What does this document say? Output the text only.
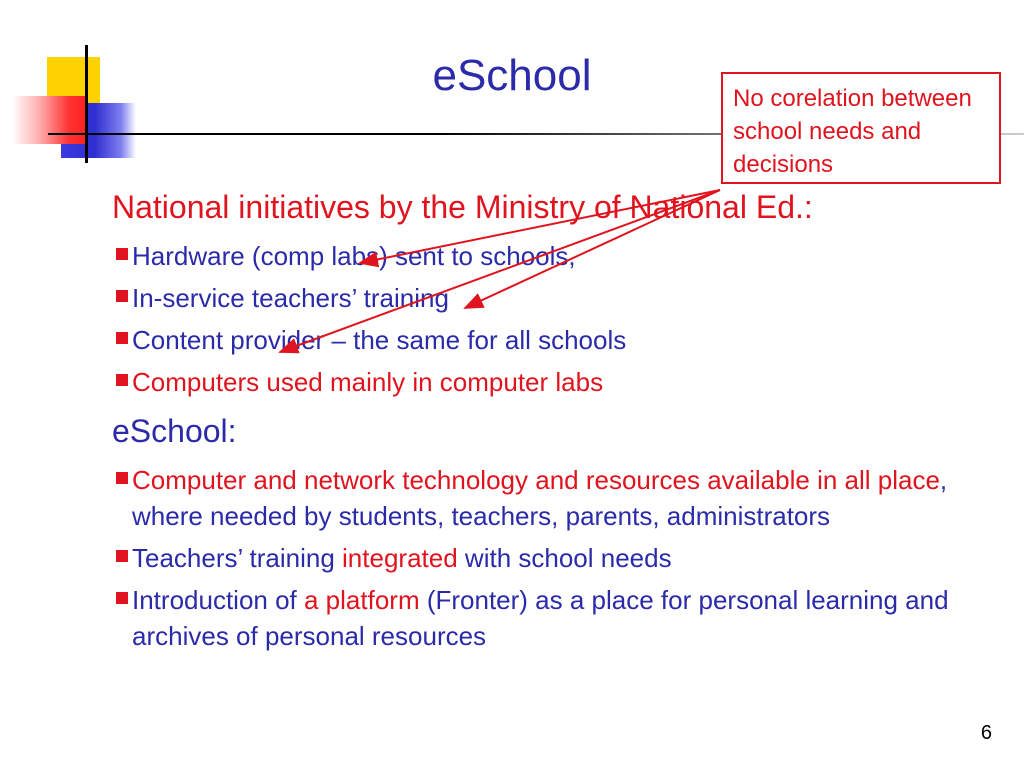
EI	eSchool	No corelation between school needs and decisions

National initiatives by the Ministry of National Ed.:

Hardware (comp labs) sent to schools,
In-service teachers’ training
Content provider – the same for all schools
Computers used mainly in computer labs

eSchool:

Computer and network technology and resources available in all place, where needed by students, teachers, parents, administrators
Teachers’ training integrated with school needs
Introduction of a platform (Fronter) as a place for personal learning and archives of personal resources
6
